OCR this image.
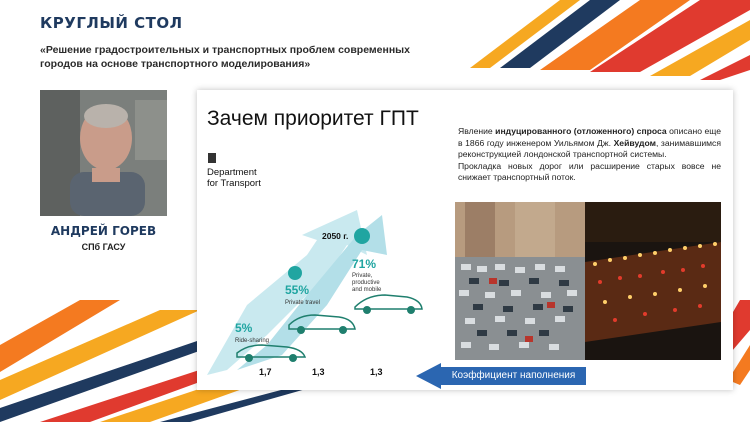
КРУГЛЫЙ СТОЛ
«Решение градостроительных и транспортных проблем современных городов на основе транспортного моделирования»
АНДРЕЙ ГОРЕВ
СПб ГАСУ
Зачем приоритет ГПТ
Department
for Transport

Явление индуцированного (отложенного) спроса описано еще в 1866 году инженером Уильямом Дж. Хейвудом, занимавшимся реконструкцией лондонской транспортной системы.

Прокладка новых дорог или расширение старых вовсе не снижает транспортный поток.

2050 г.
5%
Ride-sharing
55%
Private travel
71%
Private,
productive
and mobile
1,7	1,3	1,3	Коэффициент наполнения
